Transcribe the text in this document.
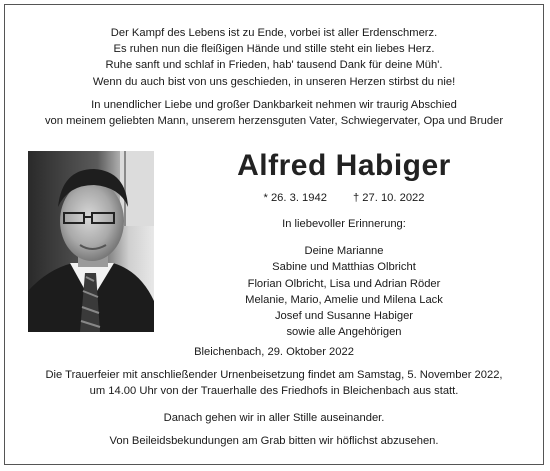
Der Kampf des Lebens ist zu Ende, vorbei ist aller Erdenschmerz.
Es ruhen nun die fleißigen Hände und stille steht ein liebes Herz.
Ruhe sanft und schlaf in Frieden, hab' tausend Dank für deine Müh'.
Wenn du auch bist von uns geschieden, in unseren Herzen stirbst du nie!
In unendlicher Liebe und großer Dankbarkeit nehmen wir traurig Abschied
von meinem geliebten Mann, unserem herzensguten Vater, Schwiegervater, Opa und Bruder
Alfred Habiger
* 26. 3. 1942 † 27. 10. 2022
In liebevoller Erinnerung:
Deine Marianne
Sabine und Matthias Olbricht
Florian Olbricht, Lisa und Adrian Röder
Melanie, Mario, Amelie und Milena Lack
Josef und Susanne Habiger
sowie alle Angehörigen
Bleichenbach, 29. Oktober 2022
Die Trauerfeier mit anschließender Urnenbeisetzung findet am Samstag, 5. November 2022,
um 14.00 Uhr von der Trauerhalle des Friedhofs in Bleichenbach aus statt.
Danach gehen wir in aller Stille auseinander.
Von Beileidsbekundungen am Grab bitten wir höflichst abzusehen.
